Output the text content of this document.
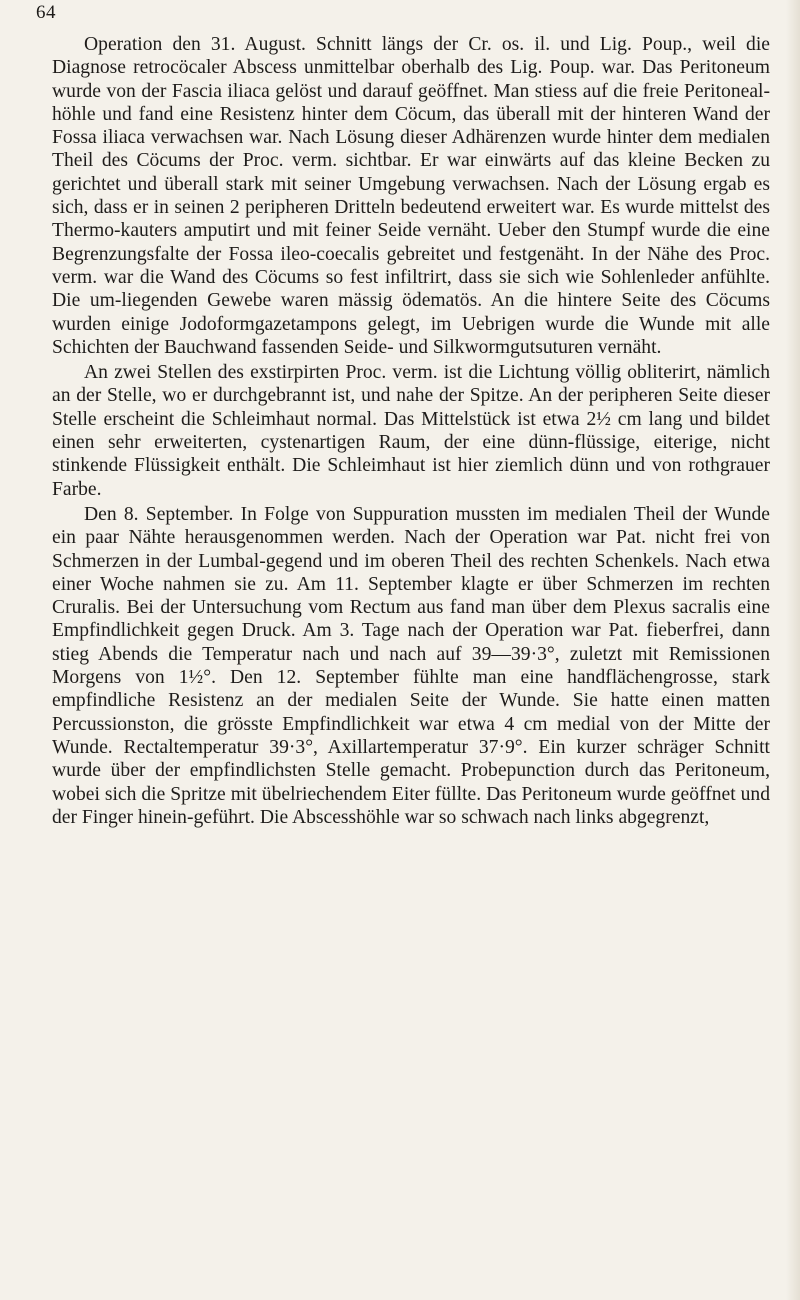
64

Operation den 31. August. Schnitt längs der Cr. os. il. und Lig. Poup., weil die Diagnose retrocöcaler Abscess unmittelbar oberhalb des Lig. Poup. war. Das Peritoneum wurde von der Fascia iliaca gelöst und darauf geöffnet. Man stiess auf die freie Peritoneal-höhle und fand eine Resistenz hinter dem Cöcum, das überall mit der hinteren Wand der Fossa iliaca verwachsen war. Nach Lösung dieser Adhärenzen wurde hinter dem medialen Theil des Cöcums der Proc. verm. sichtbar. Er war einwärts auf das kleine Becken zu gerichtet und überall stark mit seiner Umgebung verwachsen. Nach der Lösung ergab es sich, dass er in seinen 2 peripheren Dritteln bedeutend erweitert war. Es wurde mittelst des Thermo-kauters amputirt und mit feiner Seide vernäht. Ueber den Stumpf wurde die eine Begrenzungsfalte der Fossa ileo-coecalis gebreitet und festgenäht. In der Nähe des Proc. verm. war die Wand des Cöcums so fest infiltrirt, dass sie sich wie Sohlenleder anfühlte. Die um-liegenden Gewebe waren mässig ödematös. An die hintere Seite des Cöcums wurden einige Jodoformgazetampons gelegt, im Uebrigen wurde die Wunde mit alle Schichten der Bauchwand fassenden Seide- und Silkwormgutsuturen vernäht.

An zwei Stellen des exstirpirten Proc. verm. ist die Lichtung völlig obliterirt, nämlich an der Stelle, wo er durchgebrannt ist, und nahe der Spitze. An der peripheren Seite dieser Stelle erscheint die Schleimhaut normal. Das Mittelstück ist etwa 2½ cm lang und bildet einen sehr erweiterten, cystenartigen Raum, der eine dünn-flüssige, eiterige, nicht stinkende Flüssigkeit enthält. Die Schleimhaut ist hier ziemlich dünn und von rothgrauer Farbe.

Den 8. September. In Folge von Suppuration mussten im medialen Theil der Wunde ein paar Nähte herausgenommen werden. Nach der Operation war Pat. nicht frei von Schmerzen in der Lumbal-gegend und im oberen Theil des rechten Schenkels. Nach etwa einer Woche nahmen sie zu. Am 11. September klagte er über Schmerzen im rechten Cruralis. Bei der Untersuchung vom Rectum aus fand man über dem Plexus sacralis eine Empfindlichkeit gegen Druck. Am 3. Tage nach der Operation war Pat. fieberfrei, dann stieg Abends die Temperatur nach und nach auf 39—39·3°, zuletzt mit Remissionen Morgens von 1½°. Den 12. September fühlte man eine handflächengrosse, stark empfindliche Resistenz an der medialen Seite der Wunde. Sie hatte einen matten Percussionston, die grösste Empfindlichkeit war etwa 4 cm medial von der Mitte der Wunde. Rectaltemperatur 39·3°, Axillartemperatur 37·9°. Ein kurzer schräger Schnitt wurde über der empfindlichsten Stelle gemacht. Probepunction durch das Peritoneum, wobei sich die Spritze mit übelriechendem Eiter füllte. Das Peritoneum wurde geöffnet und der Finger hinein-geführt. Die Abscesshöhle war so schwach nach links abgegrenzt,
